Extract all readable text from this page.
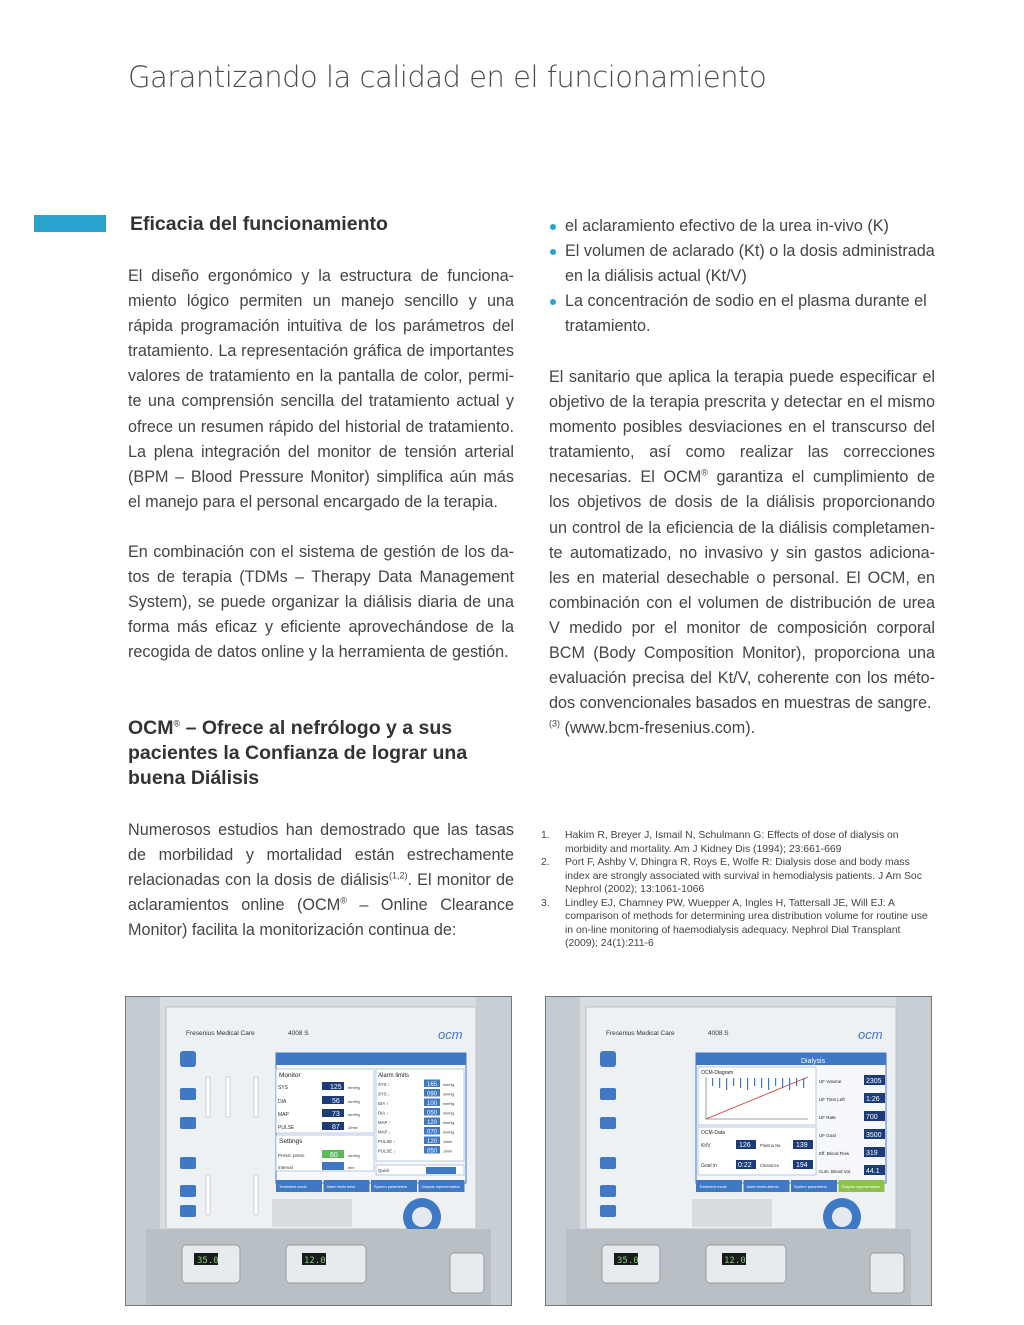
Garantizando la calidad en el funcionamiento
Eficacia del funcionamiento

El diseño ergonómico y la estructura de funciona-miento lógico permiten un manejo sencillo y una rápida programación intuitiva de los parámetros del tratamiento. La representación gráfica de importantes valores de tratamiento en la pantalla de color, permi-te una comprensión sencilla del tratamiento actual y ofrece un resumen rápido del historial de tratamiento. La plena integración del monitor de tensión arterial (BPM – Blood Pressure Monitor) simplifica aún más el manejo para el personal encargado de la terapia.

En combinación con el sistema de gestión de los da-tos de terapia (TDMs – Therapy Data Management System), se puede organizar la diálisis diaria de una forma más eficaz y eficiente aprovechándose de la recogida de datos online y la herramienta de gestión.

OCM® – Ofrece al nefrólogo y a sus pacientes la Confianza de lograr una buena Diálisis

Numerosos estudios han demostrado que las tasas de morbilidad y mortalidad están estrechamente relacionadas con la dosis de diálisis$^{(1,2)}$. El monitor de aclaramientos online (OCM® – Online Clearance Monitor) facilita la monitorización continua de:

el aclaramiento efectivo de la urea in-vivo (K)
El volumen de aclarado (Kt) o la dosis administrada en la diálisis actual (Kt/V)
La concentración de sodio en el plasma durante el tratamiento.

El sanitario que aplica la terapia puede especificar el objetivo de la terapia prescrita y detectar en el mismo momento posibles desviaciones en el transcurso del tratamiento, así como realizar las correcciones necesarias. El OCM® garantiza el cumplimiento de los objetivos de dosis de la diálisis proporcionando un control de la eficiencia de la diálisis completamen-te automatizado, no invasivo y sin gastos adiciona-les en material desechable o personal. El OCM, en combinación con el volumen de distribución de urea V medido por el monitor de composición corporal BCM (Body Composition Monitor), proporciona una evaluación precisa del Kt/V, coherente con los méto-dos convencionales basados en muestras de sangre.
$^{(3)}$ (www.bcm-fresenius.com).

1. Hakim R, Breyer J, Ismail N, Schulmann G: Effects of dose of dialysis on morbidity and mortality. Am J Kidney Dis (1994); 23:661-669
2. Port F, Ashby V, Dhingra R, Roys E, Wolfe R: Dialysis dose and body mass index are strongly associated with survival in hemodialysis patients. J Am Soc Nephrol (2002); 13:1061-1066
3. Lindley EJ, Chamney PW, Wuepper A, Ingles H, Tattersall JE, Will EJ: A comparison of methods for determining urea distribution volume for routine use in on-line monitoring of haemodialysis adequacy. Nephrol Dial Transplant (2009); 24(1):211-6
Fresenius Medical Care	4008 S	ocm
Monitor
SYS	125 mmHg
DIA	56 mmHg
MAP	73 mmHg
PULSE	87 1/min
Settings
Pressl. press.	60	mmHg
Interval	min
Alarm limits
SYS ↑	165 mmHg
SYS ↓	090 mmHg
DIA ↑	100 mmHg
DIA ↓	050 mmHg
MAP ↑	120 mmHg
MAP ↓	070 mmHg
PULSE ↑	120 1/min
PULSE ↓	050 1/min
Quick
Treatment mode	Alarm limits timer	System parameters	Dialysis representation
35.0	12.0
Fresenius Medical Care	4008 S	ocm
Dialysis
OCM-Diagram
OCM-Data
Kt/V	126 Plasma Na 139
Goal in	0:22 Clearance 194
UF Volume	2305
UF Time Left	1:26
UF Rate	700
UF Goal	3500
Eff. Blood Flow 319
Cum. Blood Vol. 44.1
Treatment mode	Alarm limits alarms	System parameters	Dialysis representation
35.0	12.0
